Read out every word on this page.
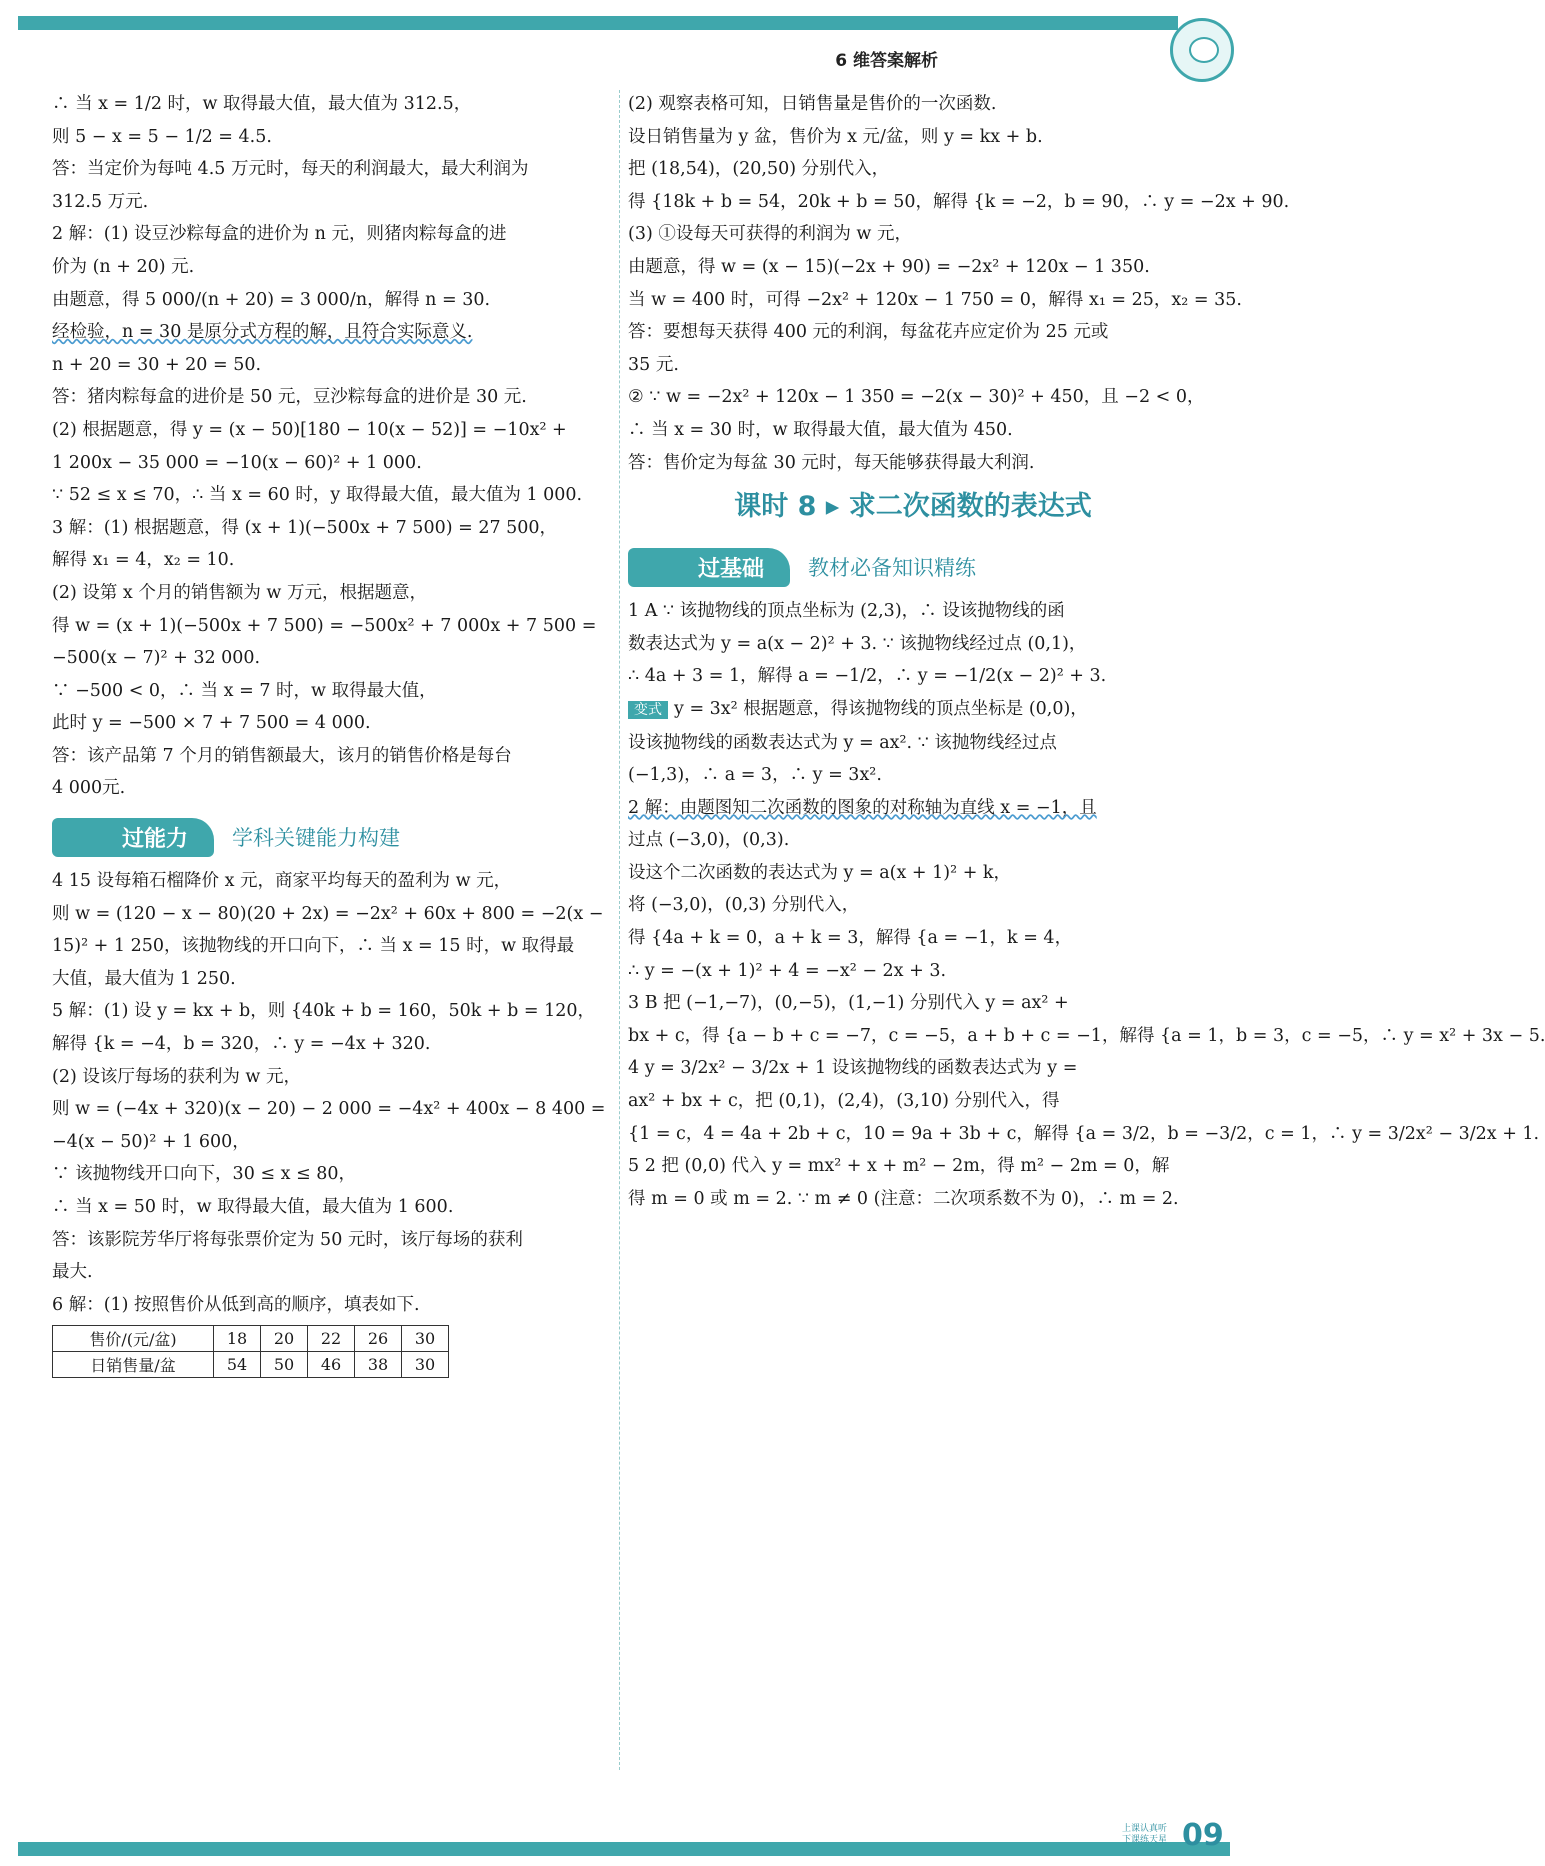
6 维答案解析
∴ 当 x = 1/2 时，w 取得最大值，最大值为 312.5，
则 5 − x = 5 − 1/2 = 4.5.
答：当定价为每吨 4.5 万元时，每天的利润最大，最大利润为
312.5 万元.
2 解：(1) 设豆沙粽每盒的进价为 n 元，则猪肉粽每盒的进
价为 (n + 20) 元.
由题意，得 5 000/(n + 20) = 3 000/n，解得 n = 30.
经检验，n = 30 是原分式方程的解，且符合实际意义.
n + 20 = 30 + 20 = 50.
答：猪肉粽每盒的进价是 50 元，豆沙粽每盒的进价是 30 元.
(2) 根据题意，得 y = (x − 50)[180 − 10(x − 52)] = −10x² +
1 200x − 35 000 = −10(x − 60)² + 1 000.
∵ 52 ≤ x ≤ 70，∴ 当 x = 60 时，y 取得最大值，最大值为 1 000.
3 解：(1) 根据题意，得 (x + 1)(−500x + 7 500) = 27 500，
解得 x₁ = 4，x₂ = 10.
(2) 设第 x 个月的销售额为 w 万元，根据题意，
得 w = (x + 1)(−500x + 7 500) = −500x² + 7 000x + 7 500 =
−500(x − 7)² + 32 000.
∵ −500 < 0，∴ 当 x = 7 时，w 取得最大值，
此时 y = −500 × 7 + 7 500 = 4 000.
答：该产品第 7 个月的销售额最大，该月的销售价格是每台
4 000元.
过能力	学科关键能力构建
4 15 设每箱石榴降价 x 元，商家平均每天的盈利为 w 元，
则 w = (120 − x − 80)(20 + 2x) = −2x² + 60x + 800 = −2(x −
15)² + 1 250，该抛物线的开口向下，∴ 当 x = 15 时，w 取得最
大值，最大值为 1 250.
5 解：(1) 设 y = kx + b，则 {40k + b = 160，50k + b = 120，
解得 {k = −4，b = 320，∴ y = −4x + 320.
(2) 设该厅每场的获利为 w 元，
则 w = (−4x + 320)(x − 20) − 2 000 = −4x² + 400x − 8 400 =
−4(x − 50)² + 1 600，
∵ 该抛物线开口向下，30 ≤ x ≤ 80，
∴ 当 x = 50 时，w 取得最大值，最大值为 1 600.
答：该影院芳华厅将每张票价定为 50 元时，该厅每场的获利
最大.
6 解：(1) 按照售价从低到高的顺序，填表如下.
售价/(元/盆)	18	20	22	26	30
日销售量/盆	54	50	46	38	30
(2) 观察表格可知，日销售量是售价的一次函数.
设日销售量为 y 盆，售价为 x 元/盆，则 y = kx + b.
把 (18,54)，(20,50) 分别代入，
得 {18k + b = 54，20k + b = 50，解得 {k = −2，b = 90，∴ y = −2x + 90.
(3) ①设每天可获得的利润为 w 元，
由题意，得 w = (x − 15)(−2x + 90) = −2x² + 120x − 1 350.
当 w = 400 时，可得 −2x² + 120x − 1 750 = 0，解得 x₁ = 25，x₂ = 35.
答：要想每天获得 400 元的利润，每盆花卉应定价为 25 元或
35 元.
② ∵ w = −2x² + 120x − 1 350 = −2(x − 30)² + 450，且 −2 < 0，
∴ 当 x = 30 时，w 取得最大值，最大值为 450.
答：售价定为每盆 30 元时，每天能够获得最大利润.
课时 8 ▸ 求二次函数的表达式
过基础	教材必备知识精练
1 A ∵ 该抛物线的顶点坐标为 (2,3)，∴ 设该抛物线的函
数表达式为 y = a(x − 2)² + 3. ∵ 该抛物线经过点 (0,1)，
∴ 4a + 3 = 1，解得 a = −1/2，∴ y = −1/2(x − 2)² + 3.
变式 y = 3x² 根据题意，得该抛物线的顶点坐标是 (0,0)，
设该抛物线的函数表达式为 y = ax². ∵ 该抛物线经过点
(−1,3)，∴ a = 3，∴ y = 3x².
2 解：由题图知二次函数的图象的对称轴为直线 x = −1，且
过点 (−3,0)，(0,3).
设这个二次函数的表达式为 y = a(x + 1)² + k，
将 (−3,0)，(0,3) 分别代入，
得 {4a + k = 0，a + k = 3，解得 {a = −1，k = 4，
∴ y = −(x + 1)² + 4 = −x² − 2x + 3.
3 B 把 (−1,−7)，(0,−5)，(1,−1) 分别代入 y = ax² +
bx + c，得 {a − b + c = −7，c = −5，a + b + c = −1，解得 {a = 1，b = 3，c = −5，∴ y = x² + 3x − 5.
4 y = 3/2x² − 3/2x + 1 设该抛物线的函数表达式为 y =
ax² + bx + c，把 (0,1)，(2,4)，(3,10) 分别代入，得
{1 = c，4 = 4a + 2b + c，10 = 9a + 3b + c，解得 {a = 3/2，b = −3/2，c = 1，∴ y = 3/2x² − 3/2x + 1.
5 2 把 (0,0) 代入 y = mx² + x + m² − 2m，得 m² − 2m = 0，解
得 m = 0 或 m = 2. ∵ m ≠ 0 (注意：二次项系数不为 0)，∴ m = 2.
上课认真听
下课练天星 09
